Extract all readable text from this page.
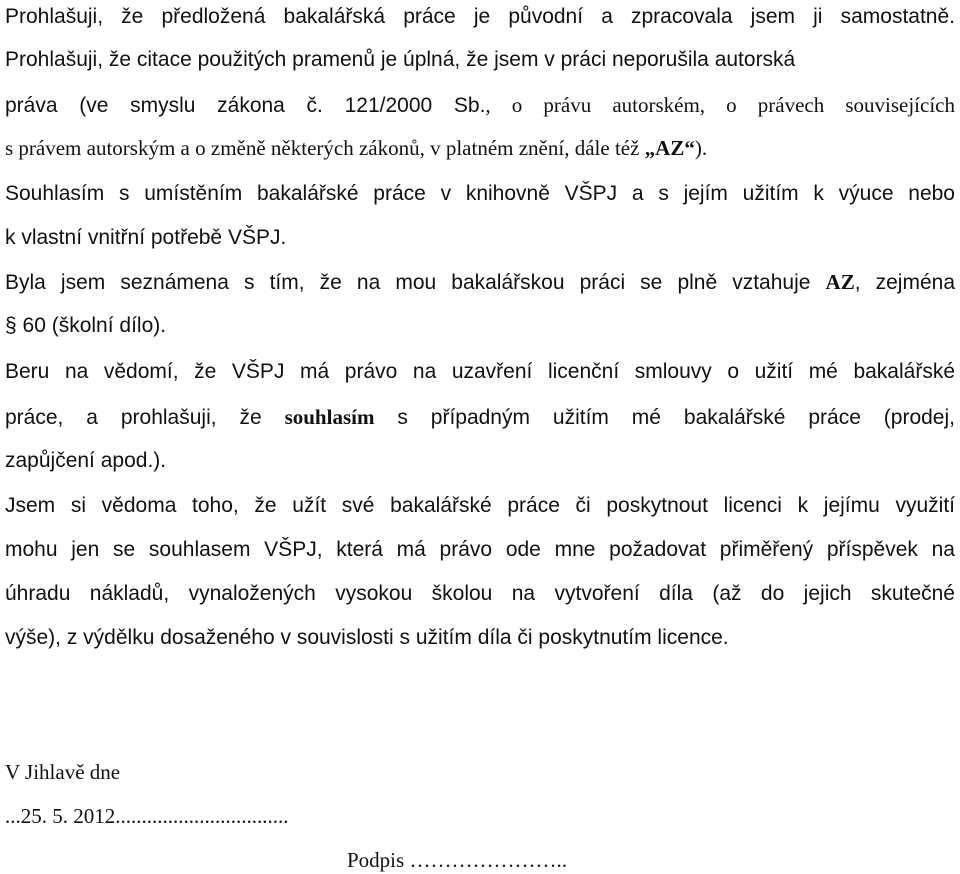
Prohlašuji, že předložená bakalářská práce je původní a zpracovala jsem ji samostatně.
Prohlašuji, že citace použitých pramenů je úplná, že jsem v práci neporušila autorská
práva (ve smyslu zákona č. 121/2000 Sb., o právu autorském, o právech souvisejících
s právem autorským a o změně některých zákonů, v platném znění, dále též „AZ“).
Souhlasím s umístěním bakalářské práce v knihovně VŠPJ a s jejím užitím k výuce nebo
k vlastní vnitřní potřebě VŠPJ.
Byla jsem seznámena s tím, že na mou bakalářskou práci se plně vztahuje AZ, zejména
§ 60 (školní dílo).
Beru na vědomí, že VŠPJ má právo na uzavření licenční smlouvy o užití mé bakalářské
práce, a prohlašuji, že souhlasím s případným užitím mé bakalářské práce (prodej,
zapůjčení apod.).
Jsem si vědoma toho, že užít své bakalářské práce či poskytnout licenci k jejímu využití
mohu jen se souhlasem VŠPJ, která má právo ode mne požadovat přiměřený příspěvek na
úhradu nákladů, vynaložených vysokou školou na vytvoření díla (až do jejich skutečné
výše), z výdělku dosaženého v souvislosti s užitím díla či poskytnutím licence.
V Jihlavě dne
...25. 5. 2012.................................
Podpis …………………..
